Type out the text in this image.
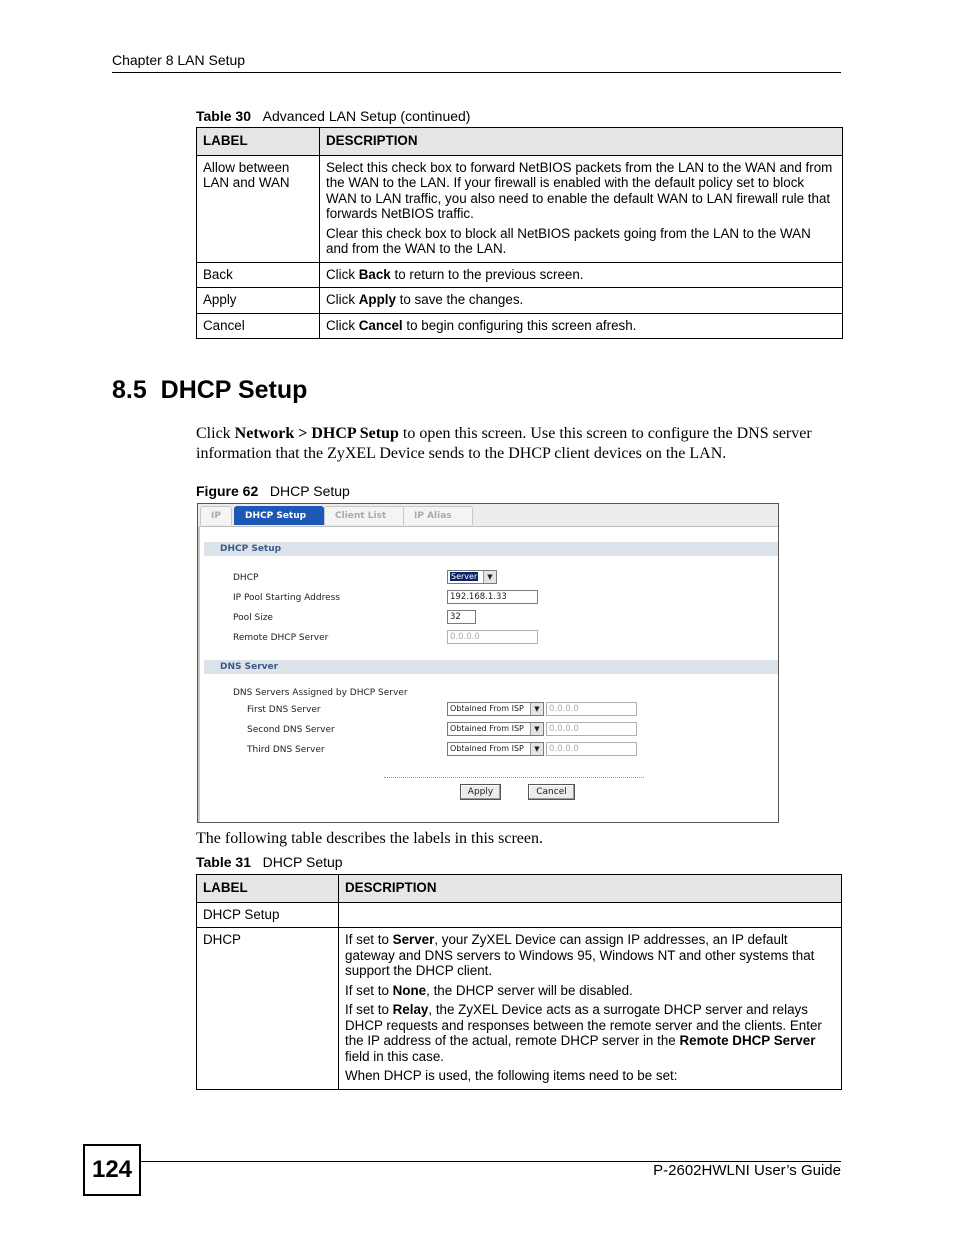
Chapter 8 LAN Setup
Table 30 Advanced LAN Setup (continued)
LABEL	DESCRIPTION
Allow between LAN and WAN	Select this check box to forward NetBIOS packets from the LAN to the WAN and from the WAN to the LAN. If your firewall is enabled with the default policy set to block WAN to LAN traffic, you also need to enable the default WAN to LAN firewall rule that forwards NetBIOS traffic.

Clear this check box to block all NetBIOS packets going from the LAN to the WAN and from the WAN to the LAN.

Back	Click Back to return to the previous screen.
Apply	Click Apply to save the changes.
Cancel	Click Cancel to begin configuring this screen afresh.
8.5  DHCP Setup
Click Network > DHCP Setup to open this screen. Use this screen to configure the DNS server information that the ZyXEL Device sends to the DHCP client devices on the LAN.
Figure 62 DHCP Setup
IP	DHCP Setup	Client List	IP Alias
DHCP Setup
DHCP	Server	▼
IP Pool Starting Address	192.168.1.33
Pool Size	32
Remote DHCP Server	0.0.0.0
DNS Server
DNS Servers Assigned by DHCP Server
First DNS Server	Obtained From ISP	▼	0.0.0.0
Second DNS Server	Obtained From ISP	▼	0.0.0.0
Third DNS Server	Obtained From ISP	▼	0.0.0.0
Apply	Cancel
The following table describes the labels in this screen.
Table 31 DHCP Setup
LABEL	DESCRIPTION
DHCP Setup	
DHCP	If set to Server, your ZyXEL Device can assign IP addresses, an IP default gateway and DNS servers to Windows 95, Windows NT and other systems that support the DHCP client.

If set to None, the DHCP server will be disabled.

If set to Relay, the ZyXEL Device acts as a surrogate DHCP server and relays DHCP requests and responses between the remote server and the clients. Enter the IP address of the actual, remote DHCP server in the Remote DHCP Server field in this case.

When DHCP is used, the following items need to be set:

124	P-2602HWLNI User’s Guide
